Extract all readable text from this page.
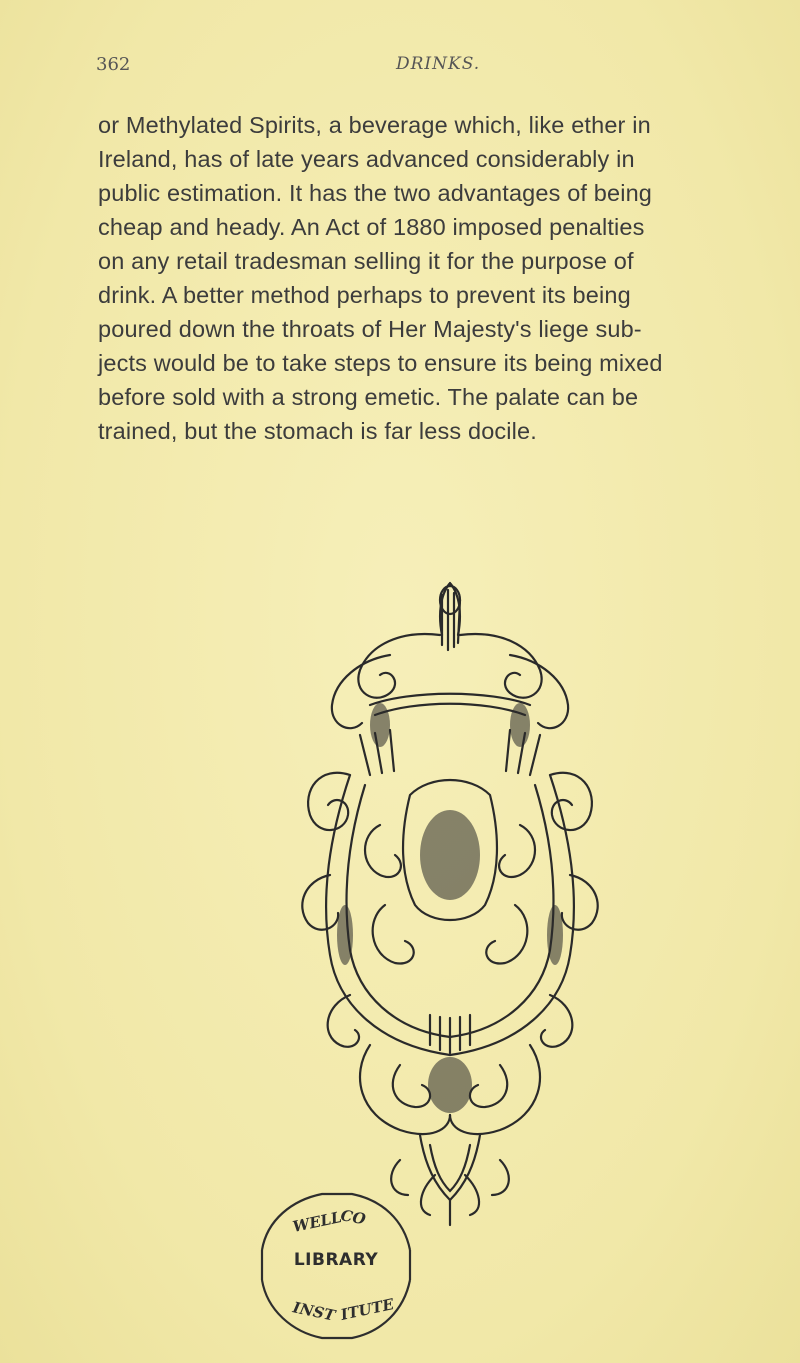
362	DRINKS.
or Methylated Spirits, a beverage which, like ether in
Ireland, has of late years advanced considerably in
public estimation. It has the two advantages of being
cheap and heady. An Act of 1880 imposed penalties
on any retail tradesman selling it for the purpose of
drink. A better method perhaps to prevent its being
poured down the throats of Her Majesty's liege sub-
jects would be to take steps to ensure its being mixed
before sold with a strong emetic. The palate can be
trained, but the stomach is far less docile.
WELL
CO
INST ITUTE
LIBRARY
